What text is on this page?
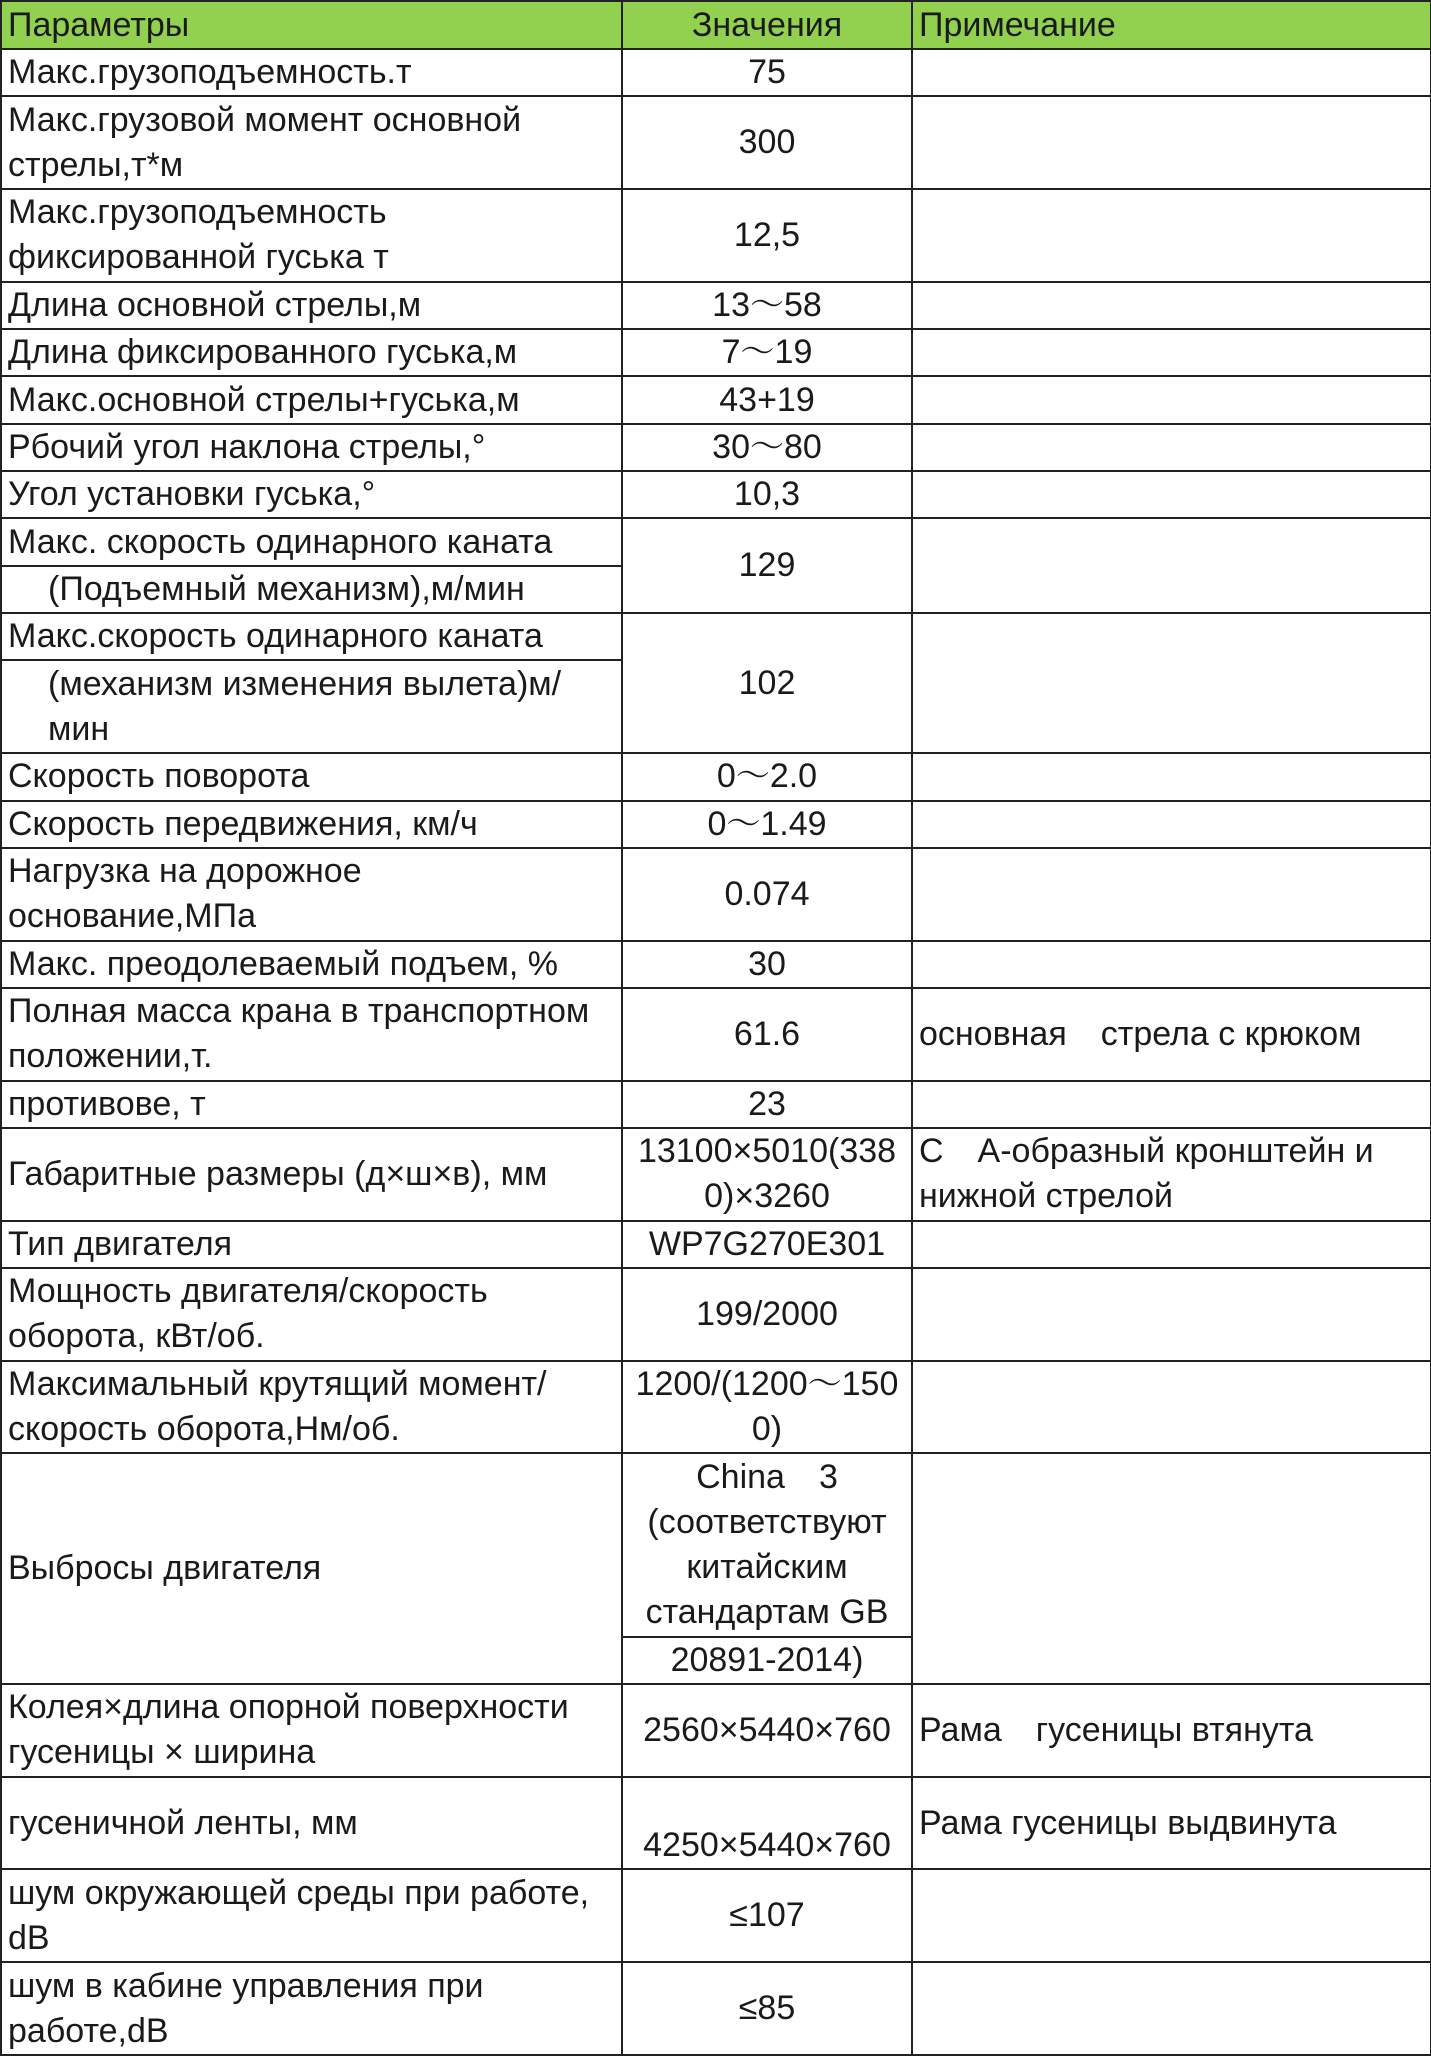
Параметры	Значения	Примечание
Макс.грузоподъемность.т	75	
Макс.грузовой момент основной стрелы,т*м	300	
Макс.грузоподъемность фиксированной гуська т	12,5	
Длина основной стрелы,м	13～58	
Длина фиксированного гуська,м	7～19	
Макс.основной стрелы+гуська,м	43+19	
Рбочий угол наклона стрелы,°	30～80	
Угол установки гуська,°	10,3	
Макс. скорость одинарного каната	129	
(Подъемный механизм),м/мин		
Макс.скорость одинарного каната	102	
(механизм изменения вылета)м/мин		
Скорость поворота	0～2.0	
Скорость передвижения, км/ч	0～1.49	
Нагрузка на дорожное основание,МПа	0.074	
Макс. преодолеваемый подъем, %	30	
Полная масса крана в транспортном положении,т.	61.6	основная　стрела с крюком
противове, т	23	
Габаритные размеры (д×ш×в), мм	13100×5010(3380)×3260	С　А-образный кронштейн и нижной стрелой
Тип двигателя	WP7G270E301	
Мощность двигателя/скорость оборота, кВт/об.	199/2000	
Максимальный крутящий момент/скорость оборота,Нм/об.	1200/(1200～1500)	
Выбросы двигателя	China　3 (соответствуют китайским стандартам GB	
	20891-2014)	
Колея×длина опорной поверхности гусеницы × ширина	2560×5440×760	Рама　гусеницы втянута
гусеничной ленты, мм	4250×5440×760	Рама гусеницы выдвинута
шум окружающей среды при работе, dB	≤107	
шум в кабине управления при работе,dB	≤85	
